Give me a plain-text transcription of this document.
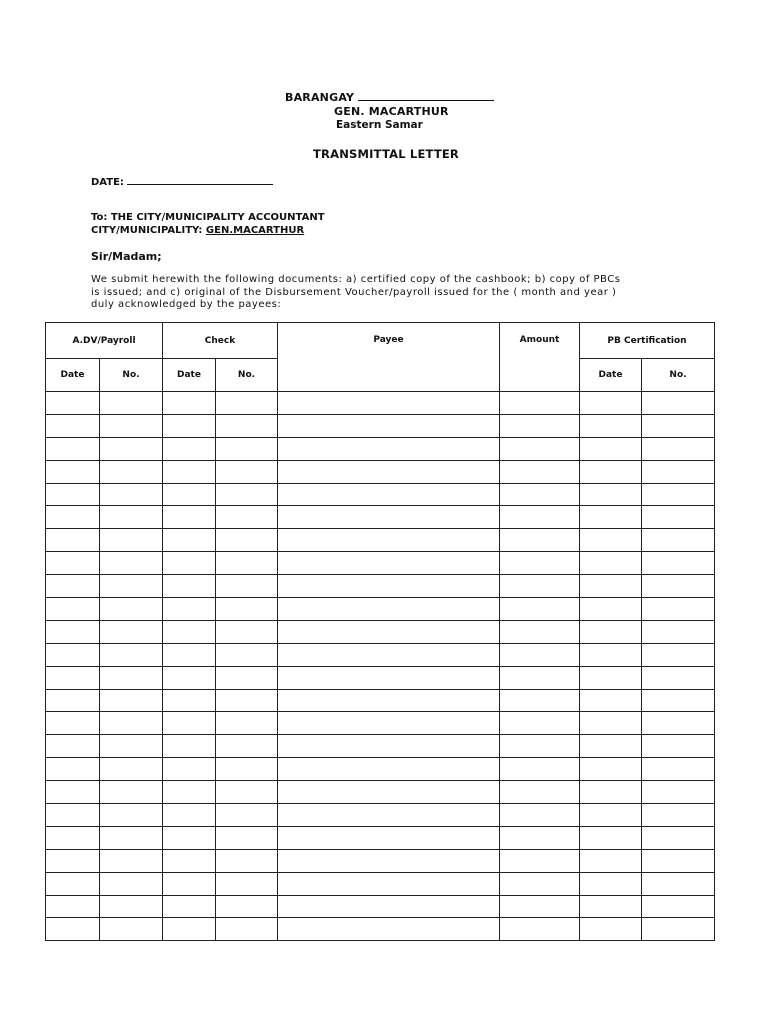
BARANGAY
GEN. MACARTHUR
Eastern Samar
TRANSMITTAL LETTER
DATE:
To: THE CITY/MUNICIPALITY ACCOUNTANT
CITY/MUNICIPALITY: GEN.MACARTHUR
Sir/Madam;
We submit herewith the following documents: a) certified copy of the cashbook; b) copy of PBCs
is issued; and c) original of the Disbursement Voucher/payroll issued for the ( month and year )
duly acknowledged by the payees:
A.DV/Payroll		Check		Payee	Amount	PB Certification	
Date	No.	Date	No.			Date	No.
